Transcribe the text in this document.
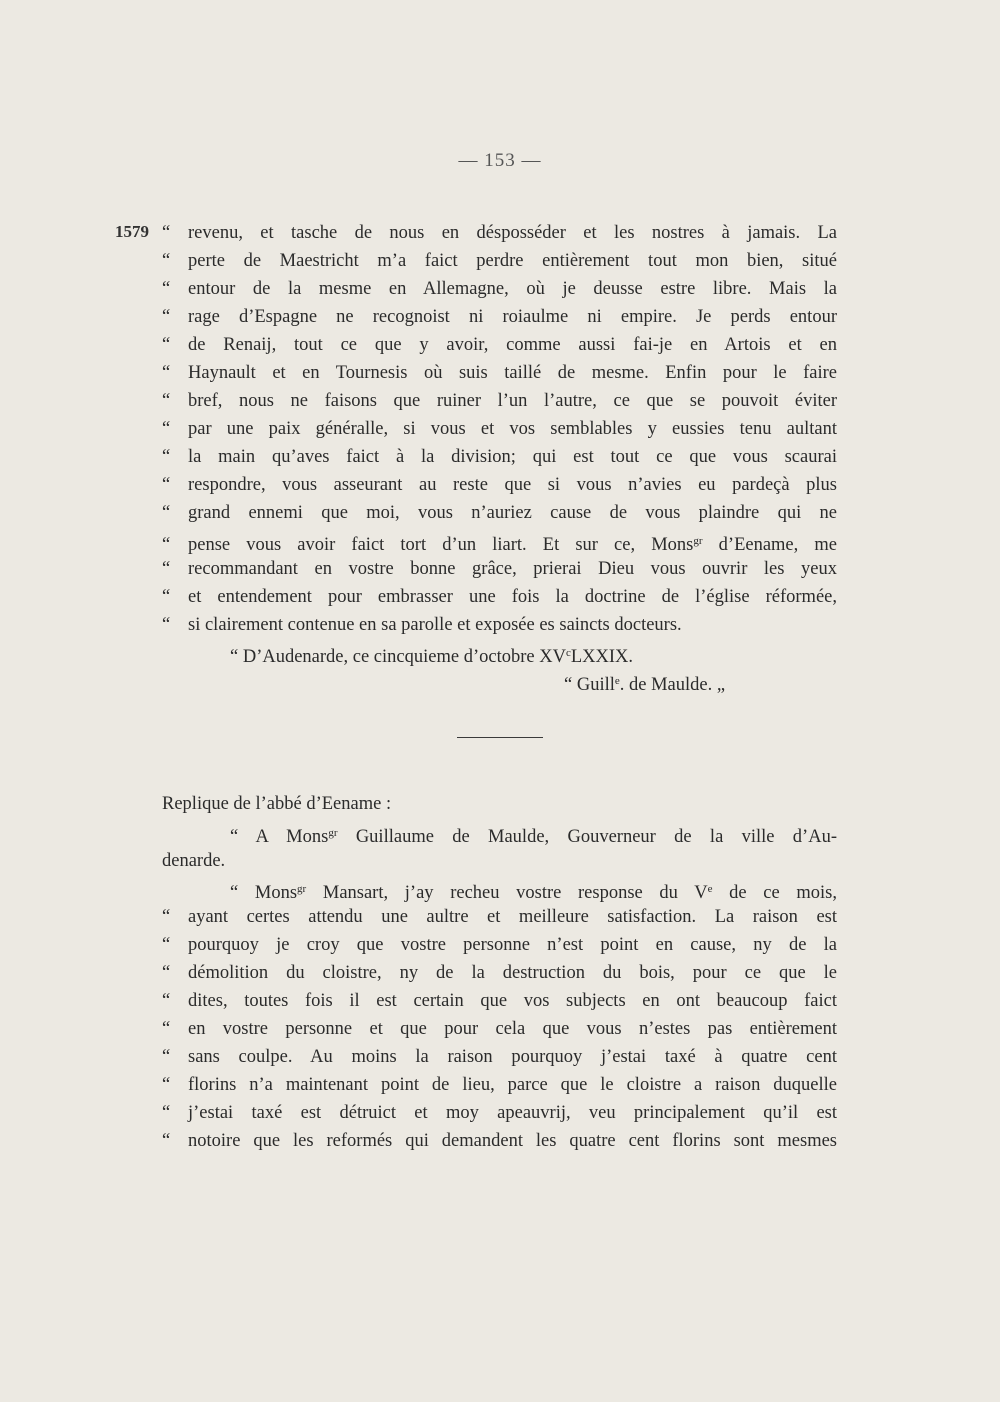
— 153 —
1579 “ revenu, et tasche de nous en désposséder et les nostres à jamais. La
“ perte de Maestricht m’a faict perdre entièrement tout mon bien, situé
“ entour de la mesme en Allemagne, où je deusse estre libre. Mais la
“ rage d’Espagne ne recognoist ni roiaulme ni empire. Je perds entour
“ de Renaij, tout ce que y avoir, comme aussi fai-je en Artois et en
“ Haynault et en Tournesis où suis taillé de mesme. Enfin pour le faire
“ bref, nous ne faisons que ruiner l’un l’autre, ce que se pouvoit éviter
“ par une paix généralle, si vous et vos semblables y eussies tenu aultant
“ la main qu’aves faict à la division; qui est tout ce que vous scaurai
“ respondre, vous asseurant au reste que si vous n’avies eu pardeçà plus
“ grand ennemi que moi, vous n’auriez cause de vous plaindre qui ne
“ pense vous avoir faict tort d’un liart. Et sur ce, Mons$^{gr}$ d’Eename, me
“ recommandant en vostre bonne grâce, prierai Dieu vous ouvrir les yeux
“ et entendement pour embrasser une fois la doctrine de l’église réformée,
“ si clairement contenue en sa parolle et exposée es saincts docteurs.
“ D’Audenarde, ce cincquieme d’octobre $XV^cLXXIX$.
“ Guill$^e$. de Maulde. „
Replique de l’abbé d’Eename :
“ A Mons$^{gr}$ Guillaume de Maulde, Gouverneur de la ville d’Au-
denarde.
“ Mons$^{gr}$ Mansart, j’ay recheu vostre response du Ve de ce mois,
“ ayant certes attendu une aultre et meilleure satisfaction. La raison est
“ pourquoy je croy que vostre personne n’est point en cause, ny de la
“ démolition du cloistre, ny de la destruction du bois, pour ce que le
“ dites, toutes fois il est certain que vos subjects en ont beaucoup faict
“ en vostre personne et que pour cela que vous n’estes pas entièrement
“ sans coulpe. Au moins la raison pourquoy j’estai taxé à quatre cent
“ florins n’a maintenant point de lieu, parce que le cloistre a raison duquelle
“ j’estai taxé est détruict et moy apeauvrij, veu principalement qu’il est
“ notoire que les reformés qui demandent les quatre cent florins sont mesmes
